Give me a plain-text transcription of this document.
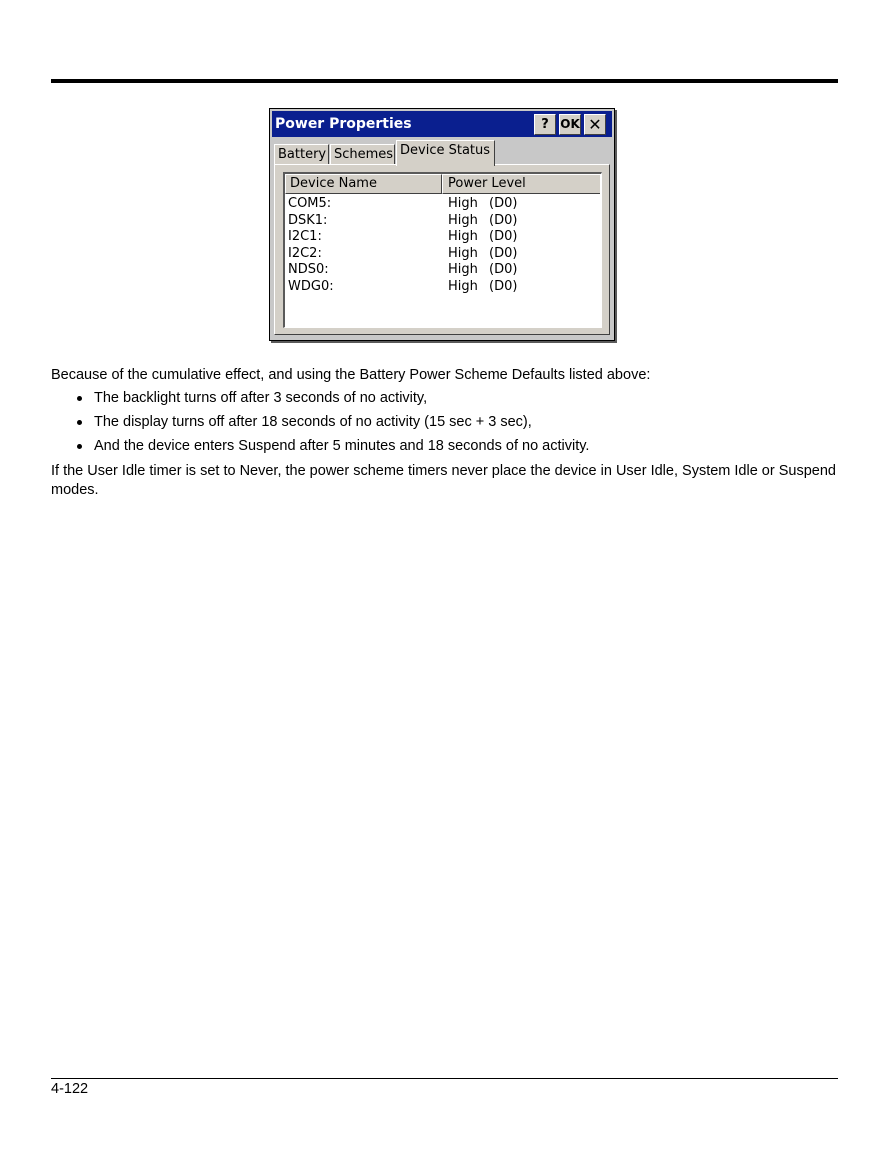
Power Properties	? OK ✕
Battery Schemes Device Status
Device Name	Power Level
COM5:	High (D0)
DSK1:	High (D0)
I2C1:	High (D0)
I2C2:	High (D0)
NDS0:	High (D0)
WDG0:	High (D0)
Because of the cumulative effect, and using the Battery Power Scheme Defaults listed above:
The backlight turns off after 3 seconds of no activity,
The display turns off after 18 seconds of no activity (15 sec + 3 sec),
And the device enters Suspend after 5 minutes and 18 seconds of no activity.
If the User Idle timer is set to Never, the power scheme timers never place the device in User Idle, System Idle or Suspend modes.
4-122
